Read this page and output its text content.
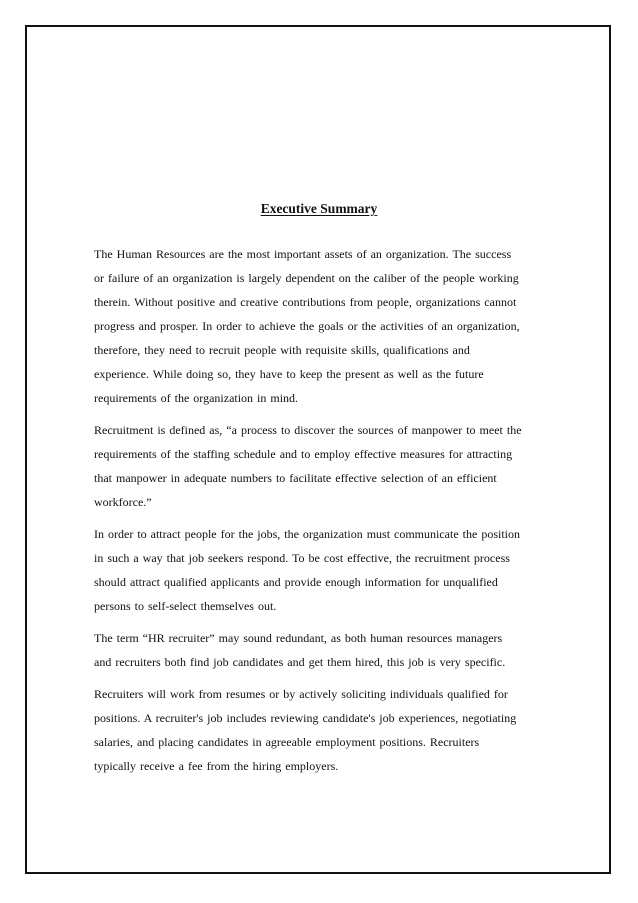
Executive Summary

The Human Resources are the most important assets of an organization. The success
or failure of an organization is largely dependent on the caliber of the people working
therein. Without positive and creative contributions from people, organizations cannot
progress and prosper. In order to achieve the goals or the activities of an organization,
therefore, they need to recruit people with requisite skills, qualifications and
experience. While doing so, they have to keep the present as well as the future
requirements of the organization in mind.

Recruitment is defined as, “a process to discover the sources of manpower to meet the
requirements of the staffing schedule and to employ effective measures for attracting
that manpower in adequate numbers to facilitate effective selection of an efficient
workforce.”

In order to attract people for the jobs, the organization must communicate the position
in such a way that job seekers respond. To be cost effective, the recruitment process
should attract qualified applicants and provide enough information for unqualified
persons to self-select themselves out.

The term “HR recruiter” may sound redundant, as both human resources managers
and recruiters both find job candidates and get them hired, this job is very specific.

Recruiters will work from resumes or by actively soliciting individuals qualified for
positions. A recruiter's job includes reviewing candidate's job experiences, negotiating
salaries, and placing candidates in agreeable employment positions. Recruiters
typically receive a fee from the hiring employers.
